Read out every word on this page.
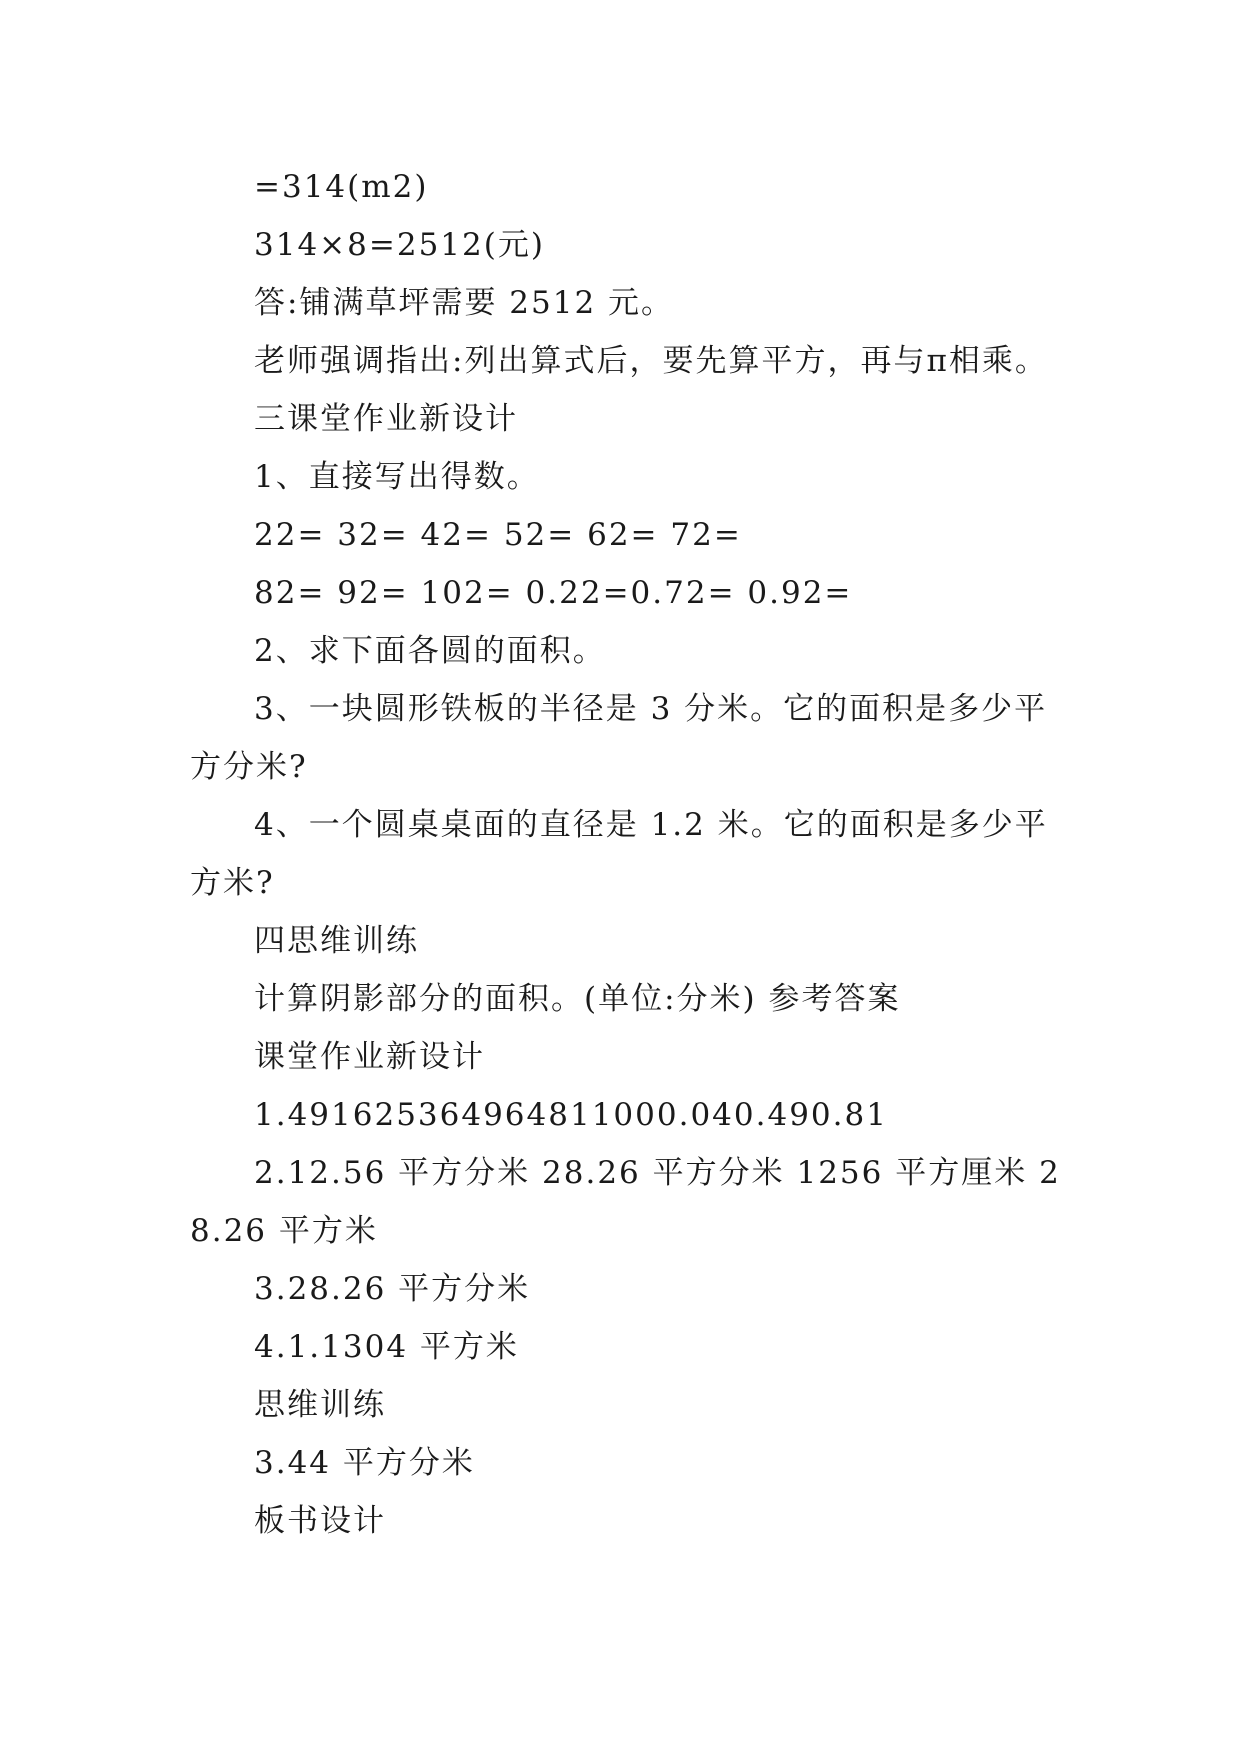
=314(m2)
314×8=2512(元)
答:铺满草坪需要 2512 元。
老师强调指出:列出算式后，要先算平方，再与π相乘。
三课堂作业新设计
1、直接写出得数。
22= 32= 42= 52= 62= 72=
82= 92= 102= 0.22=0.72= 0.92=
2、求下面各圆的面积。
3、一块圆形铁板的半径是 3 分米。它的面积是多少平方分米?
4、一个圆桌桌面的直径是 1.2 米。它的面积是多少平方米?
四思维训练
计算阴影部分的面积。(单位:分米) 参考答案
课堂作业新设计
1.491625364964811000.040.490.81
2.12.56 平方分米 28.26 平方分米 1256 平方厘米 28.26 平方米
3.28.26 平方分米
4.1.1304 平方米
思维训练
3.44 平方分米
板书设计
